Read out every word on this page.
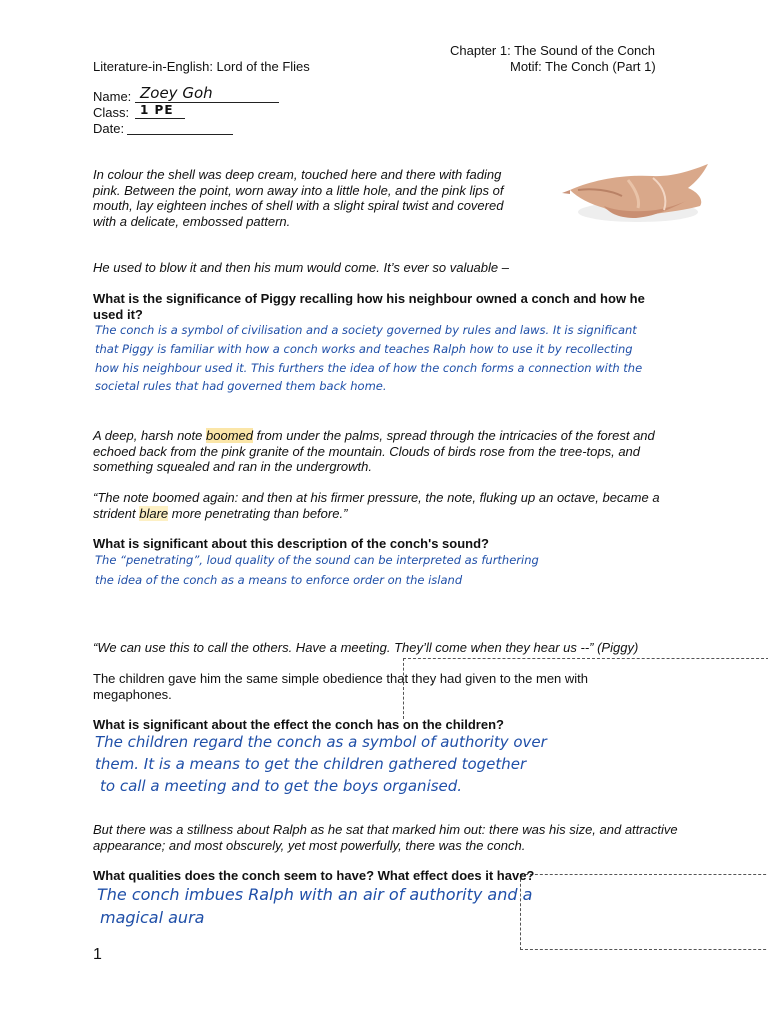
Chapter 1: The Sound of the Conch
Literature-in-English: Lord of the Flies	Motif: The Conch (Part 1)
Name: Zoey Goh
Class: 1 PE
Date:
In colour the shell was deep cream, touched here and there with fading pink. Between the point, worn away into a little hole, and the pink lips of mouth, lay eighteen inches of shell with a slight spiral twist and covered with a delicate, embossed pattern.
He used to blow it and then his mum would come. It’s ever so valuable –
What is the significance of Piggy recalling how his neighbour owned a conch and how he used it?
The conch is a symbol of civilisation and a society governed by rules and laws. It is significant
that Piggy is familiar with how a conch works and teaches Ralph how to use it by recollecting
how his neighbour used it. This furthers the idea of how the conch forms a connection with the
societal rules that had governed them back home.
A deep, harsh note boomed from under the palms, spread through the intricacies of the forest and echoed back from the pink granite of the mountain. Clouds of birds rose from the tree-tops, and something squealed and ran in the undergrowth.
“The note boomed again: and then at his firmer pressure, the note, fluking up an octave, became a strident blare more penetrating than before.”
What is significant about this description of the conch's sound?
The “penetrating”, loud quality of the sound can be interpreted as furthering
the idea of the conch as a means to enforce order on the island
“We can use this to call the others. Have a meeting. They’ll come when they hear us --” (Piggy)
The children gave him the same simple obedience that they had given to the men with megaphones.
What is significant about the effect the conch has on the children?
The children regard the conch as a symbol of authority over
them. It is a means to get the children gathered together
to call a meeting and to get the boys organised.
But there was a stillness about Ralph as he sat that marked him out: there was his size, and attractive appearance; and most obscurely, yet most powerfully, there was the conch.
What qualities does the conch seem to have? What effect does it have?
The conch imbues Ralph with an air of authority and a
magical aura
1
